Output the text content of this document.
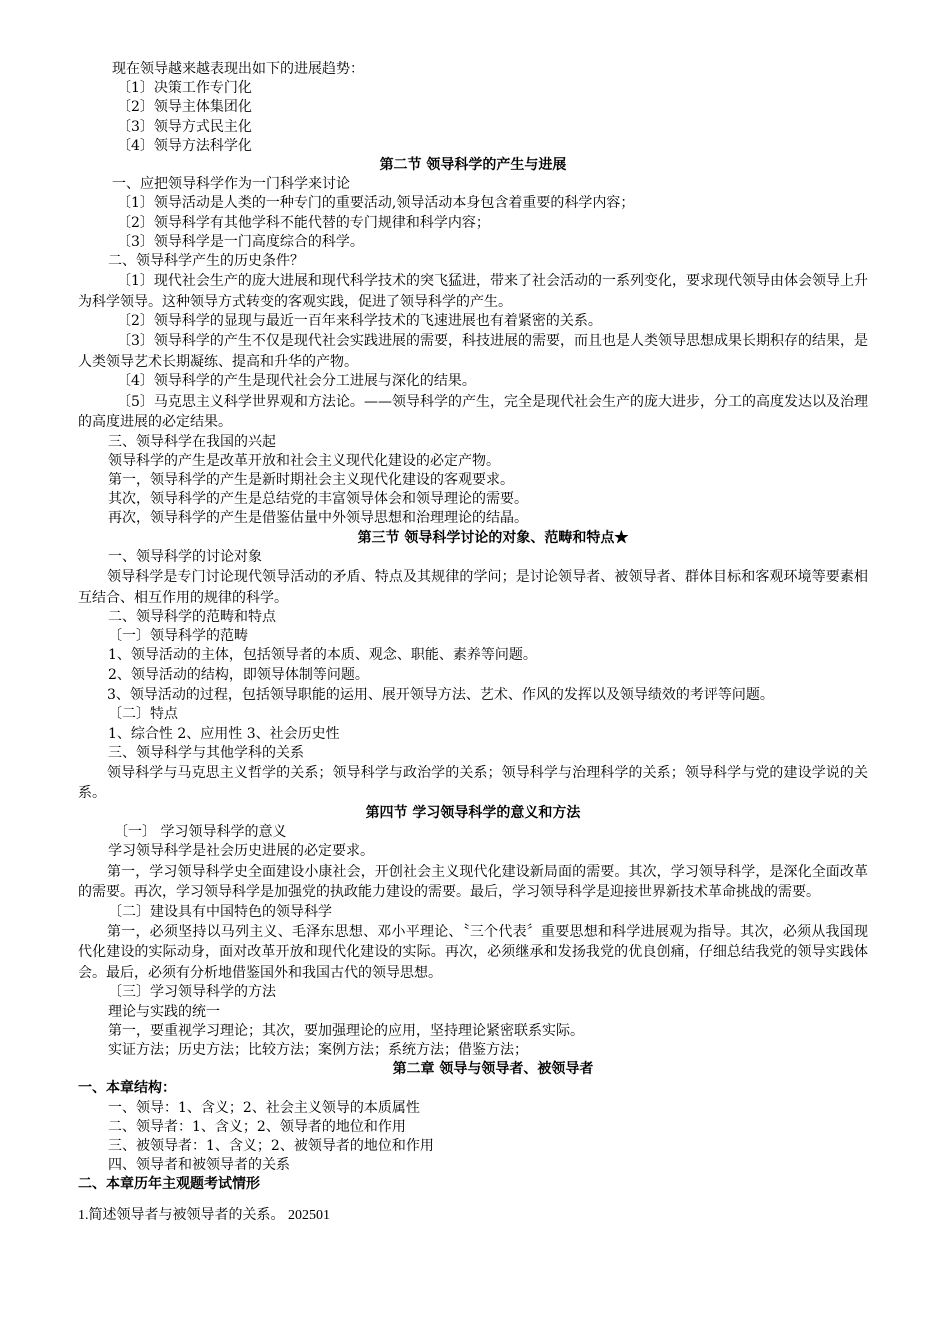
现在领导越来越表现出如下的进展趋势：
〔1〕决策工作专门化
〔2〕领导主体集团化
〔3〕领导方式民主化
〔4〕领导方法科学化
第二节 领导科学的产生与进展
一、应把领导科学作为一门科学来讨论
〔1〕领导活动是人类的一种专门的重要活动,领导活动本身包含着重要的科学内容；
〔2〕领导科学有其他学科不能代替的专门规律和科学内容；
〔3〕领导科学是一门高度综合的科学。
二、领导科学产生的历史条件？
〔1〕现代社会生产的庞大进展和现代科学技术的突飞猛进，带来了社会活动的一系列变化，要求现代领导由体会领导上升为科学领导。这种领导方式转变的客观实践，促进了领导科学的产生。
〔2〕领导科学的显现与最近一百年来科学技术的飞速进展也有着紧密的关系。
〔3〕领导科学的产生不仅是现代社会实践进展的需要，科技进展的需要，而且也是人类领导思想成果长期积存的结果，是人类领导艺术长期凝练、提高和升华的产物。
〔4〕领导科学的产生是现代社会分工进展与深化的结果。
〔5〕马克思主义科学世界观和方法论。——领导科学的产生，完全是现代社会生产的庞大进步，分工的高度发达以及治理的高度进展的必定结果。
三、领导科学在我国的兴起
领导科学的产生是改革开放和社会主义现代化建设的必定产物。
第一，领导科学的产生是新时期社会主义现代化建设的客观要求。
其次，领导科学的产生是总结党的丰富领导体会和领导理论的需要。
再次，领导科学的产生是借鉴估量中外领导思想和治理理论的结晶。
第三节 领导科学讨论的对象、范畴和特点★
一、领导科学的讨论对象
领导科学是专门讨论现代领导活动的矛盾、特点及其规律的学问；是讨论领导者、被领导者、群体目标和客观环境等要素相互结合、相互作用的规律的科学。
二、领导科学的范畴和特点
〔一〕领导科学的范畴
1、领导活动的主体，包括领导者的本质、观念、职能、素养等问题。
2、领导活动的结构，即领导体制等问题。
3、领导活动的过程，包括领导职能的运用、展开领导方法、艺术、作风的发挥以及领导绩效的考评等问题。
〔二〕特点
1、综合性 2、应用性 3、社会历史性
三、领导科学与其他学科的关系
领导科学与马克思主义哲学的关系；领导科学与政治学的关系；领导科学与治理科学的关系；领导科学与党的建设学说的关系。
第四节 学习领导科学的意义和方法
〔一〕 学习领导科学的意义
学习领导科学是社会历史进展的必定要求。
第一，学习领导科学史全面建设小康社会，开创社会主义现代化建设新局面的需要。其次，学习领导科学，是深化全面改革的需要。再次，学习领导科学是加强党的执政能力建设的需要。最后，学习领导科学是迎接世界新技术革命挑战的需要。
〔二〕建设具有中国特色的领导科学
第一，必须坚持以马列主义、毛泽东思想、邓小平理论、〝三个代表〞重要思想和科学进展观为指导。其次，必须从我国现代化建设的实际动身，面对改革开放和现代化建设的实际。再次，必须继承和发扬我党的优良创痛，仔细总结我党的领导实践体会。最后，必须有分析地借鉴国外和我国古代的领导思想。
〔三〕学习领导科学的方法
理论与实践的统一
第一，要重视学习理论；其次，要加强理论的应用，坚持理论紧密联系实际。
实证方法；历史方法；比较方法；案例方法；系统方法；借鉴方法；
第二章 领导与领导者、被领导者
一、本章结构：
一、领导：1、含义；2、社会主义领导的本质属性
二、领导者：1、含义；2、领导者的地位和作用
三、被领导者：1、含义；2、被领导者的地位和作用
四、领导者和被领导者的关系
二、本章历年主观题考试情形
1.简述领导者与被领导者的关系。 202501
